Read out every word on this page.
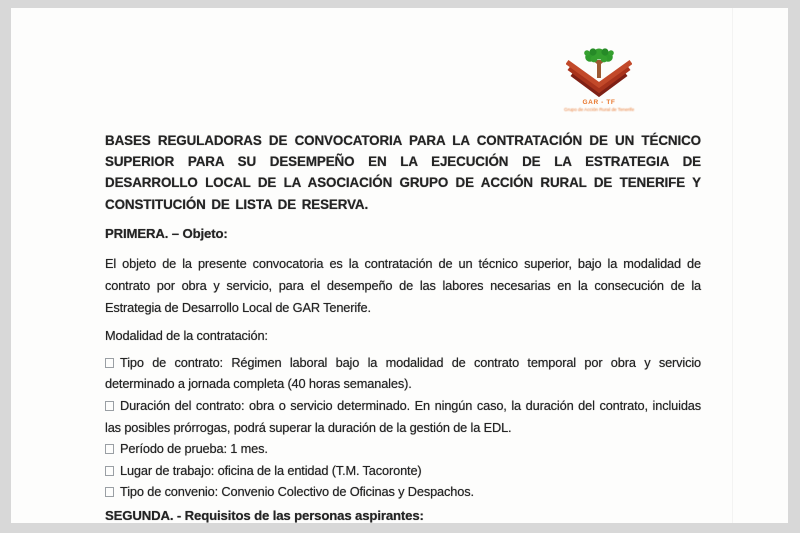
GAR - TF
Grupo de Acción Rural de Tenerife
BASES REGULADORAS DE CONVOCATORIA PARA LA CONTRATACIÓN DE UN TÉCNICO SUPERIOR PARA SU DESEMPEÑO EN LA EJECUCIÓN DE LA ESTRATEGIA DE DESARROLLO LOCAL DE LA ASOCIACIÓN GRUPO DE ACCIÓN RURAL DE TENERIFE Y CONSTITUCIÓN DE LISTA DE RESERVA.
PRIMERA. – Objeto:

El objeto de la presente convocatoria es la contratación de un técnico superior, bajo la modalidad de contrato por obra y servicio, para el desempeño de las labores necesarias en la consecución de la Estrategia de Desarrollo Local de GAR Tenerife.

Modalidad de la contratación:

Tipo de contrato: Régimen laboral bajo la modalidad de contrato temporal por obra y servicio determinado a jornada completa (40 horas semanales).

Duración del contrato: obra o servicio determinado. En ningún caso, la duración del contrato, incluidas las posibles prórrogas, podrá superar la duración de la gestión de la EDL.

Período de prueba: 1 mes.

Lugar de trabajo: oficina de la entidad (T.M. Tacoronte)

Tipo de convenio: Convenio Colectivo de Oficinas y Despachos.

SEGUNDA. - Requisitos de las personas aspirantes:
